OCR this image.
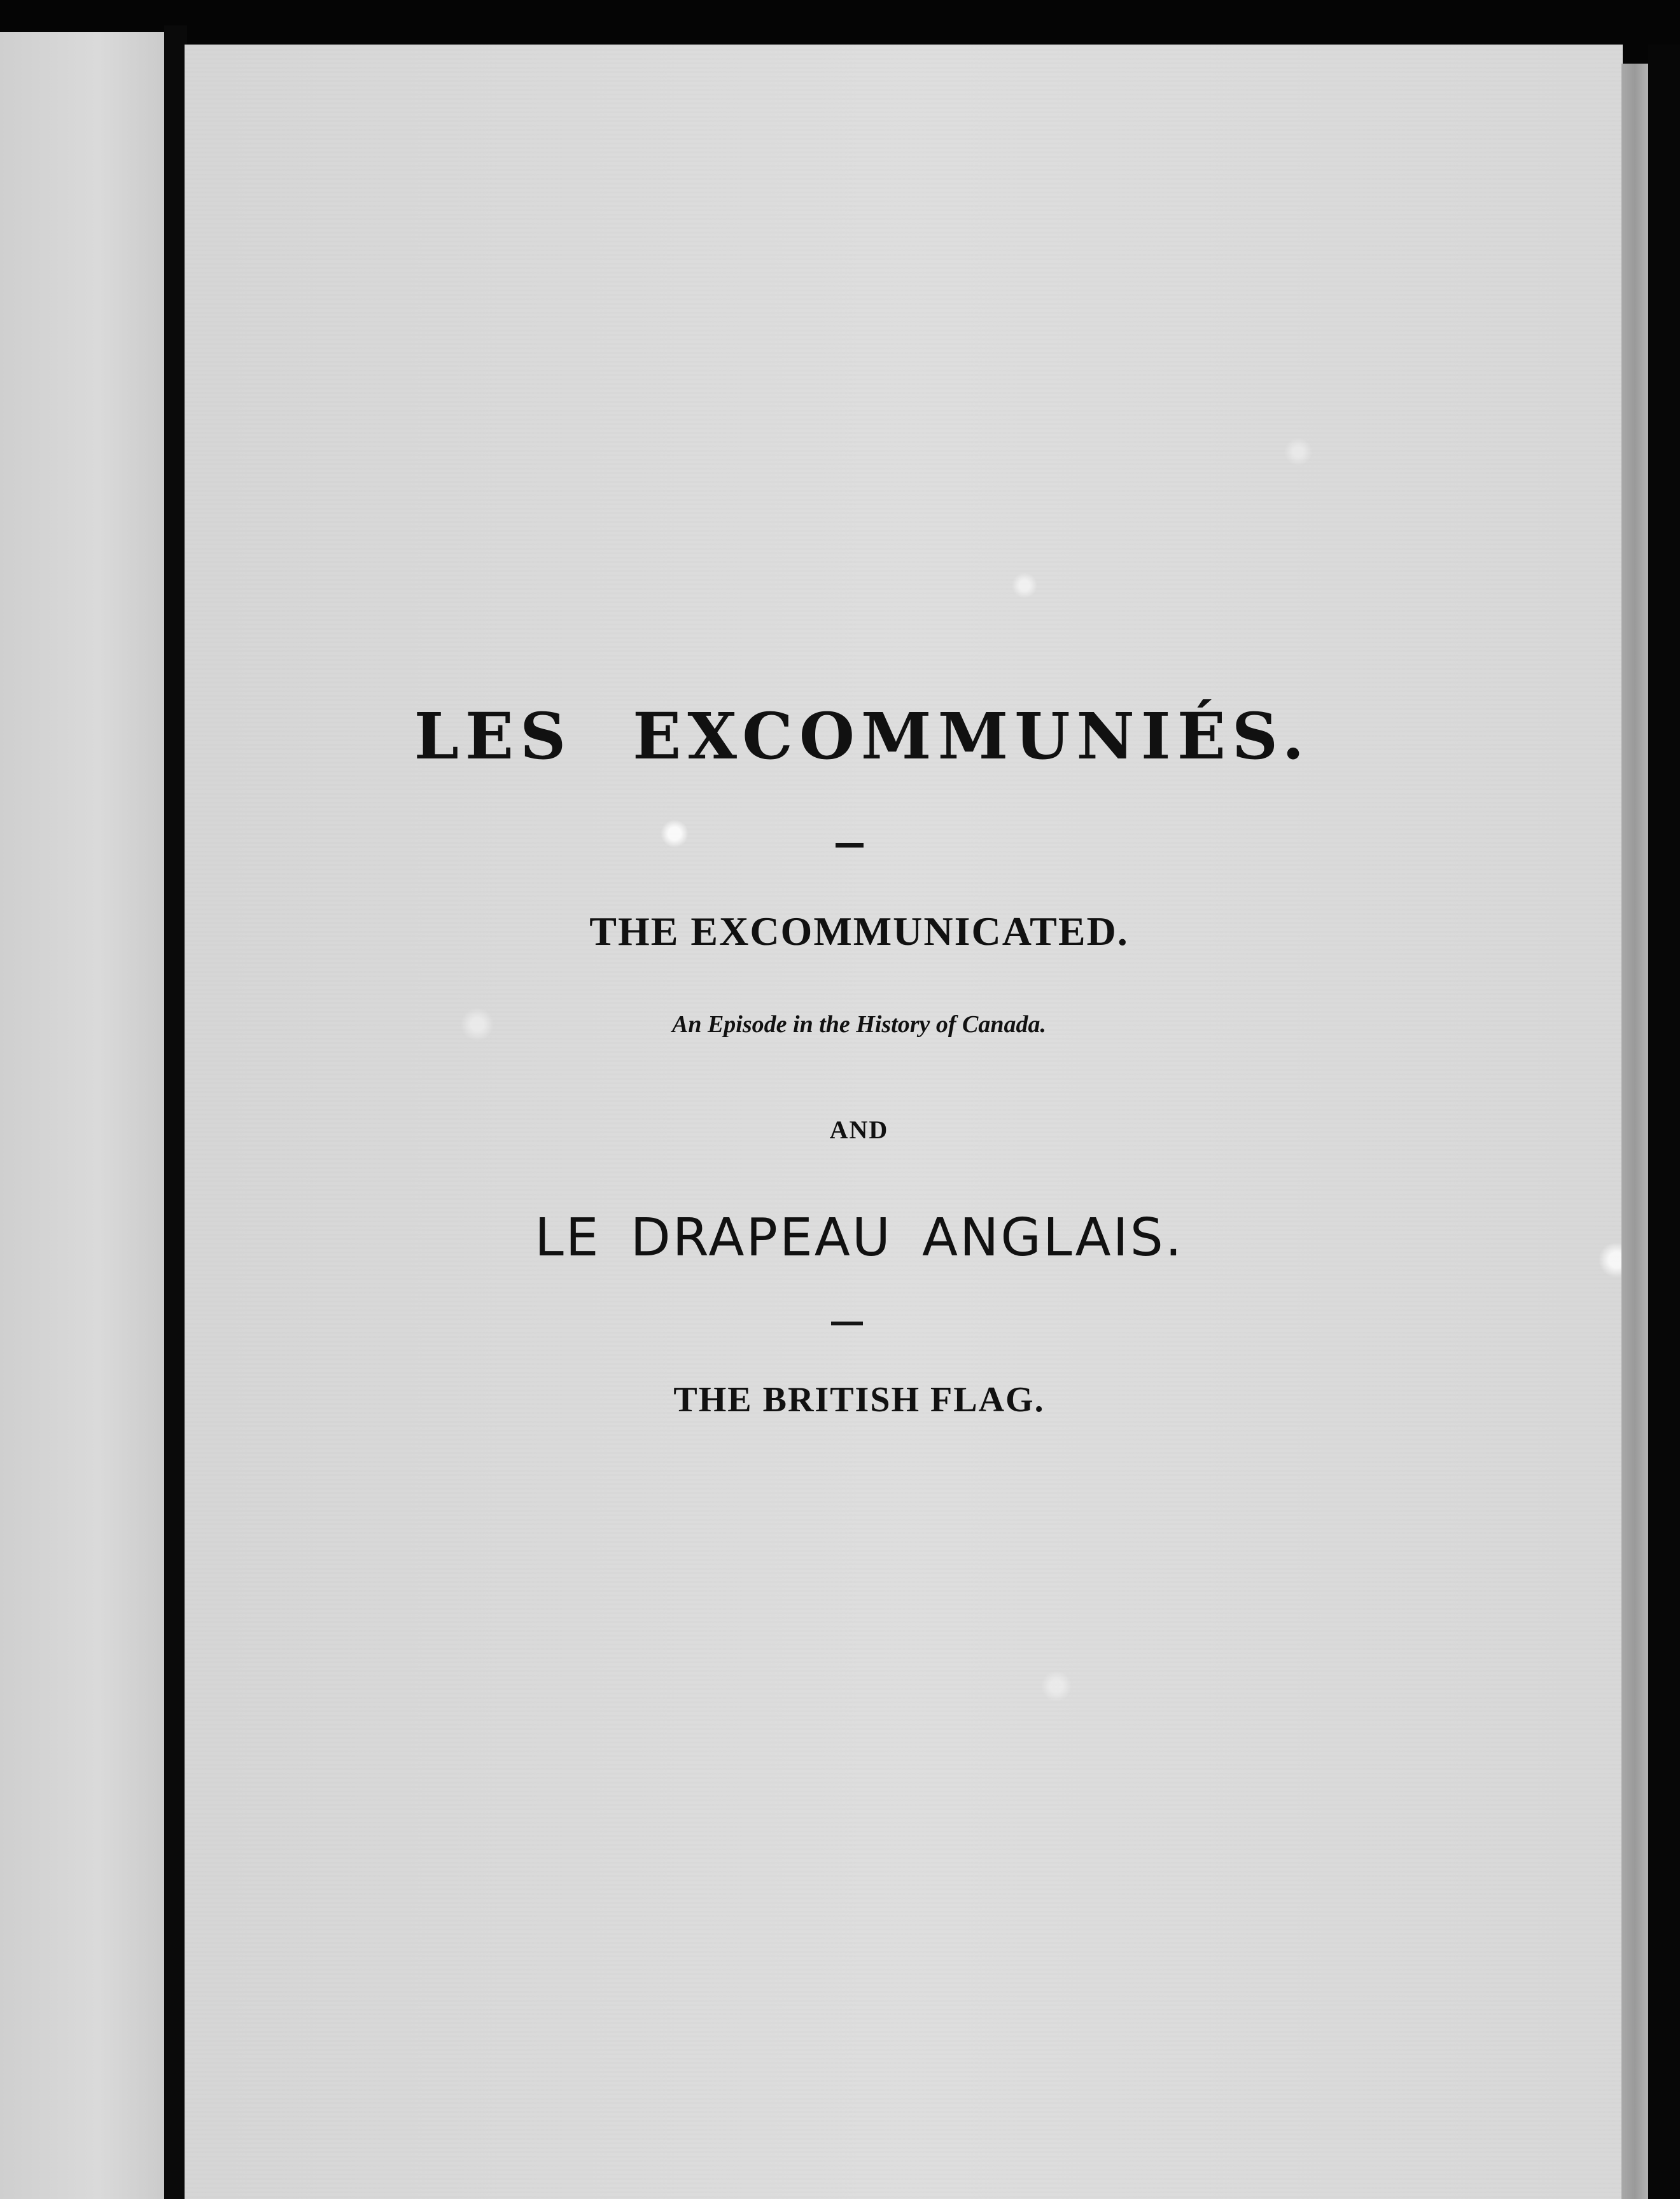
LES EXCOMMUNIÉS.
THE EXCOMMUNICATED.
An Episode in the History of Canada.
AND
LE DRAPEAU ANGLAIS.
THE BRITISH FLAG.
